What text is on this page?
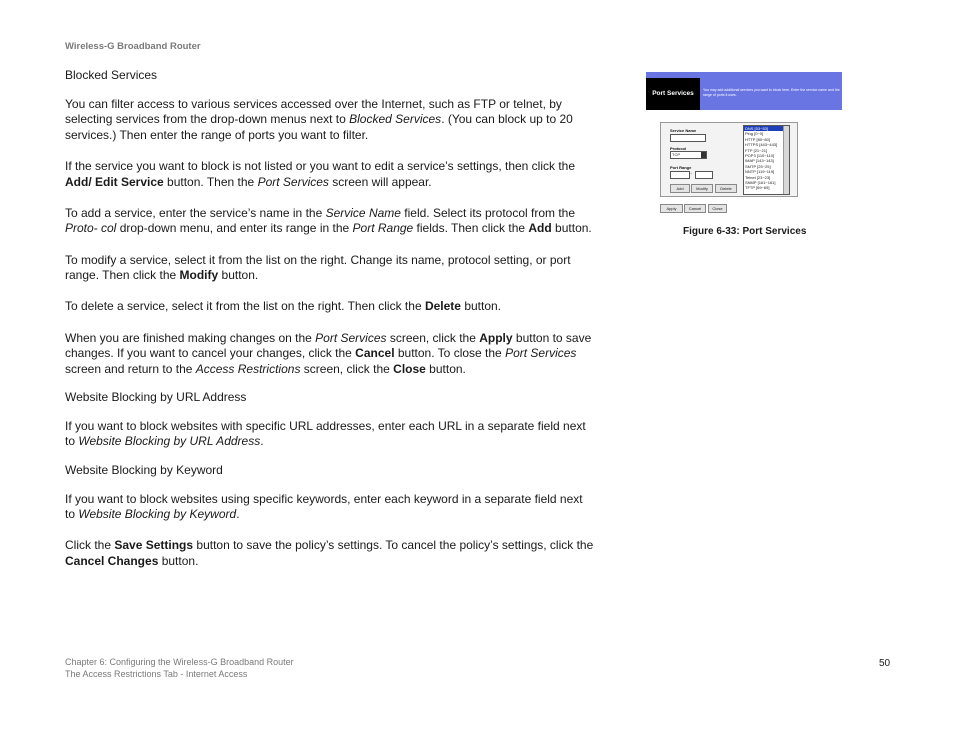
Wireless-G Broadband Router

Blocked Services

You can filter access to various services accessed over the Internet, such as FTP or telnet, by selecting services from the drop-down menus next to Blocked Services. (You can block up to 20 services.) Then enter the range of ports you want to filter.

If the service you want to block is not listed or you want to edit a service’s settings, then click the Add/ Edit Service button. Then the Port Services screen will appear.

To add a service, enter the service’s name in the Service Name field. Select its protocol from the Proto- col drop-down menu, and enter its range in the Port Range fields. Then click the Add button.

To modify a service, select it from the list on the right. Change its name, protocol setting, or port range. Then click the Modify button.

To delete a service, select it from the list on the right. Then click the Delete button.

When you are finished making changes on the Port Services screen, click the Apply button to save changes. If you want to cancel your changes, click the Cancel button. To close the Port Services screen and return to the Access Restrictions screen, click the Close button.

Website Blocking by URL Address

If you want to block websites with specific URL addresses, enter each URL in a separate field next to Website Blocking by URL Address.

Website Blocking by Keyword

If you want to block websites using specific keywords, enter each keyword in a separate field next to Website Blocking by Keyword.

Click the Save Settings button to save the policy’s settings. To cancel the policy’s settings, click the Cancel Changes button.

Port Services	You may add additional services you want to block here. Enter the service name and the range of ports it uses.
Service Name
Protocol
TCP
Port Range
~
Add	Modify	Delete
DNS [53~53]
Ping [0~0]
HTTP [80~80]
HTTPS [443~443]
FTP [21~21]
POP3 [110~110]
IMAP [143~143]
SMTP [25~25]
NNTP [119~119]
Telnet [23~23]
SNMP [161~161]
TFTP [69~69]
Apply	Cancel	Close
Figure 6-33: Port Services
Chapter 6: Configuring the Wireless-G Broadband Router
The Access Restrictions Tab - Internet Access
50
